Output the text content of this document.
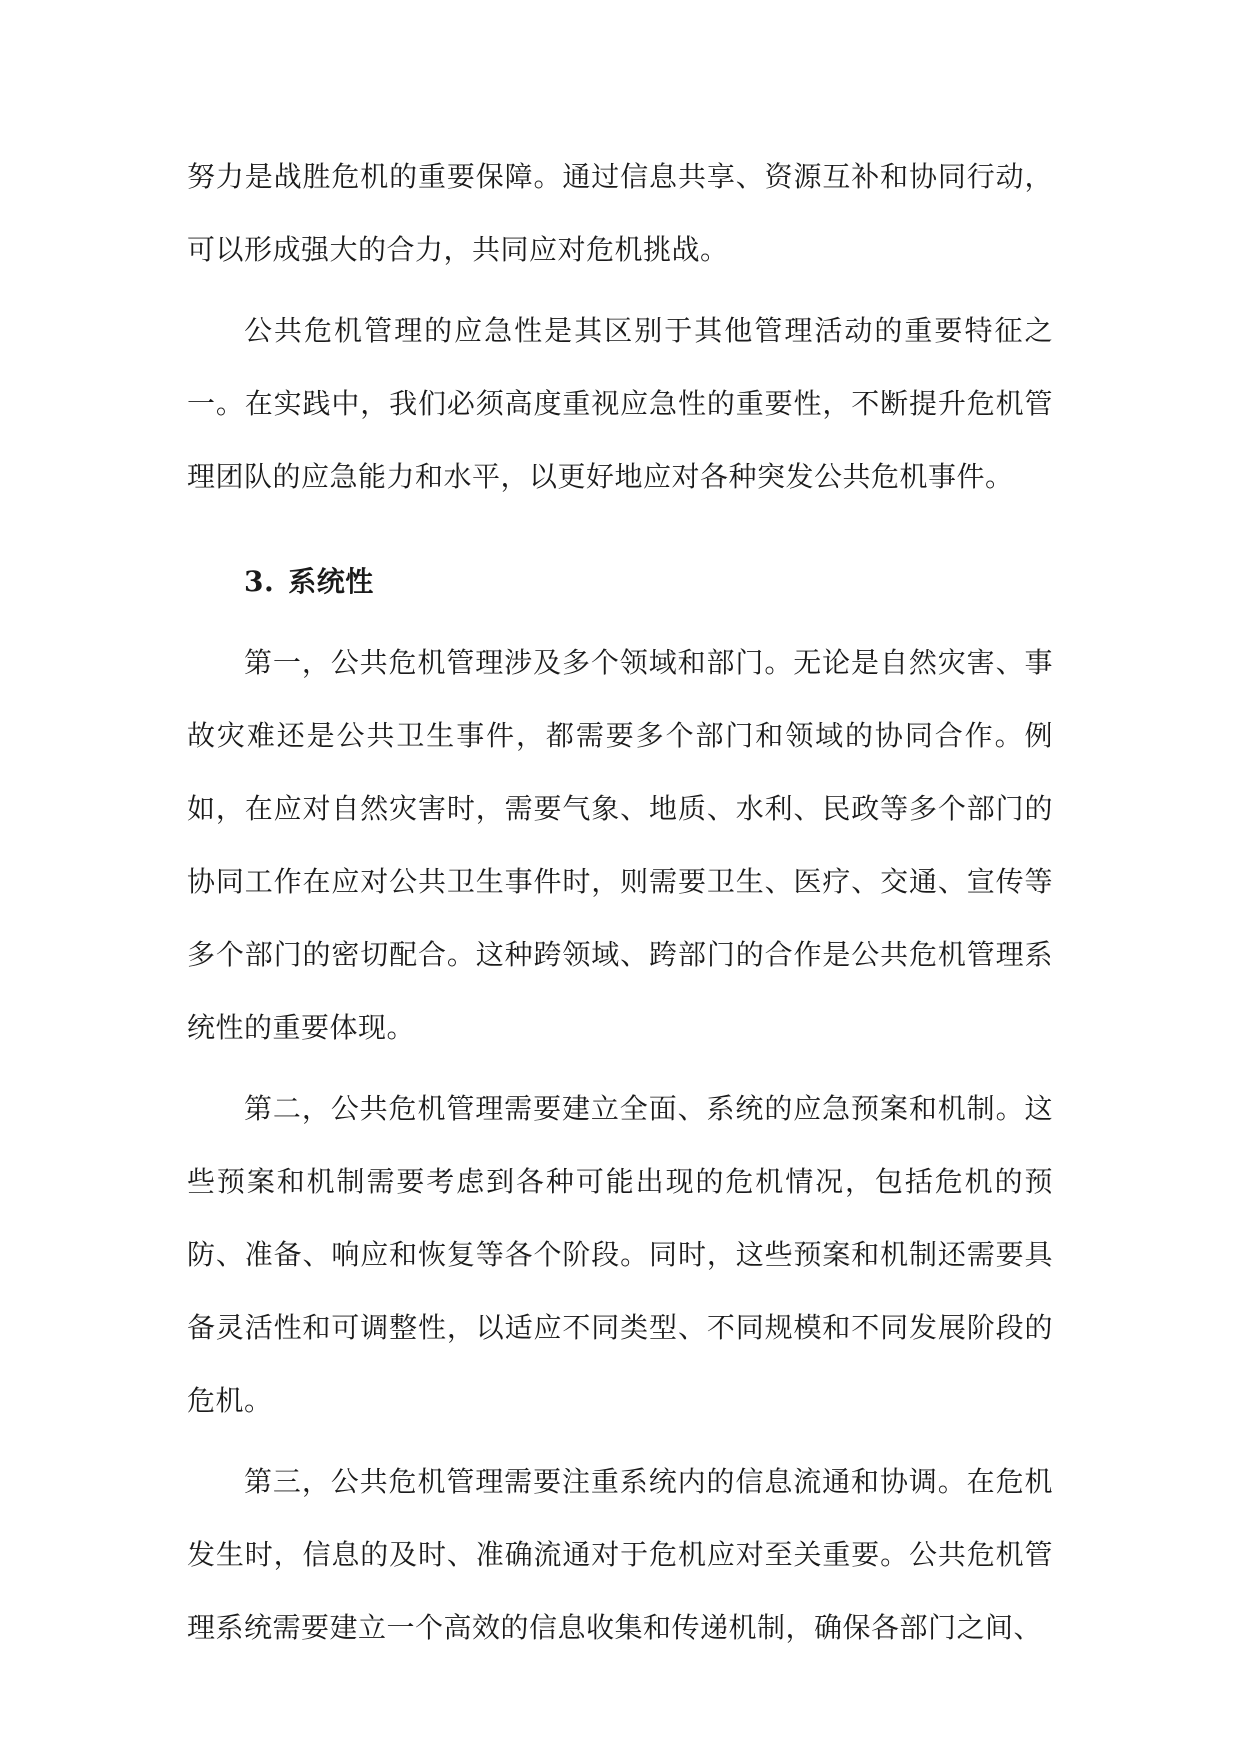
努力是战胜危机的重要保障。通过信息共享、资源互补和协同行动，可以形成强大的合力，共同应对危机挑战。

公共危机管理的应急性是其区别于其他管理活动的重要特征之一。在实践中，我们必须高度重视应急性的重要性，不断提升危机管理团队的应急能力和水平，以更好地应对各种突发公共危机事件。

3. 系统性

第一，公共危机管理涉及多个领域和部门。无论是自然灾害、事故灾难还是公共卫生事件，都需要多个部门和领域的协同合作。例如，在应对自然灾害时，需要气象、地质、水利、民政等多个部门的协同工作在应对公共卫生事件时，则需要卫生、医疗、交通、宣传等多个部门的密切配合。这种跨领域、跨部门的合作是公共危机管理系统性的重要体现。

第二，公共危机管理需要建立全面、系统的应急预案和机制。这些预案和机制需要考虑到各种可能出现的危机情况，包括危机的预防、准备、响应和恢复等各个阶段。同时，这些预案和机制还需要具备灵活性和可调整性，以适应不同类型、不同规模和不同发展阶段的危机。

第三，公共危机管理需要注重系统内的信息流通和协调。在危机发生时，信息的及时、准确流通对于危机应对至关重要。公共危机管理系统需要建立一个高效的信息收集和传递机制，确保各部门之间、
